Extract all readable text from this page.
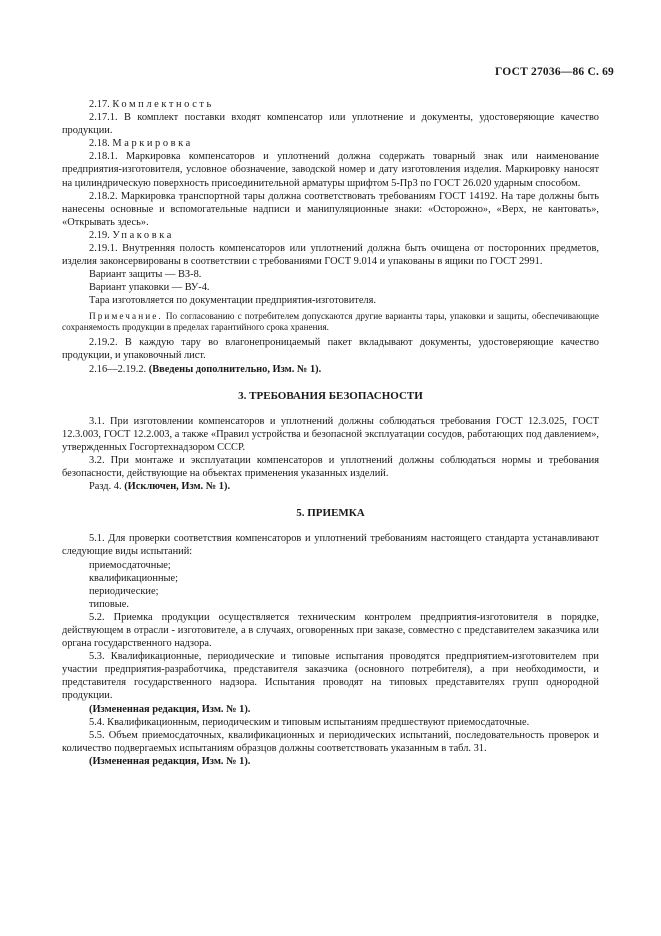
ГОСТ 27036—86 С. 69

2.17. Комплектность

2.17.1. В комплект поставки входят компенсатор или уплотнение и документы, удостоверяющие качество продукции.

2.18. Маркировка

2.18.1. Маркировка компенсаторов и уплотнений должна содержать товарный знак или наименование предприятия-изготовителя, условное обозначение, заводской номер и дату изготовления изделия. Маркировку наносят на цилиндрическую поверхность присоединительной арматуры шрифтом 5-Пр3 по ГОСТ 26.020 ударным способом.

2.18.2. Маркировка транспортной тары должна соответствовать требованиям ГОСТ 14192. На таре должны быть нанесены основные и вспомогательные надписи и манипуляционные знаки: «Осторожно», «Верх, не кантовать», «Открывать здесь».

2.19. Упаковка

2.19.1. Внутренняя полость компенсаторов или уплотнений должна быть очищена от посторонних предметов, изделия законсервированы в соответствии с требованиями ГОСТ 9.014 и упакованы в ящики по ГОСТ 2991.

Вариант защиты — ВЗ-8.

Вариант упаковки — ВУ-4.

Тара изготовляется по документации предприятия-изготовителя.

Примечание. По согласованию с потребителем допускаются другие варианты тары, упаковки и защиты, обеспечивающие сохраняемость продукции в пределах гарантийного срока хранения.

2.19.2. В каждую тару во влагонепроницаемый пакет вкладывают документы, удостоверяющие качество продукции, и упаковочный лист.

2.16—2.19.2. (Введены дополнительно, Изм. № 1).

3. ТРЕБОВАНИЯ БЕЗОПАСНОСТИ

3.1. При изготовлении компенсаторов и уплотнений должны соблюдаться требования ГОСТ 12.3.025, ГОСТ 12.3.003, ГОСТ 12.2.003, а также «Правил устройства и безопасной эксплуатации сосудов, работающих под давлением», утвержденных Госгортехнадзором СССР.

3.2. При монтаже и эксплуатации компенсаторов и уплотнений должны соблюдаться нормы и требования безопасности, действующие на объектах применения указанных изделий.

Разд. 4. (Исключен, Изм. № 1).

5. ПРИЕМКА

5.1. Для проверки соответствия компенсаторов и уплотнений требованиям настоящего стандарта устанавливают следующие виды испытаний:

приемосдаточные;

квалификационные;

периодические;

типовые.

5.2. Приемка продукции осуществляется техническим контролем предприятия-изготовителя в порядке, действующем в отрасли - изготовителе, а в случаях, оговоренных при заказе, совместно с представителем заказчика или органа государственного надзора.

5.3. Квалификационные, периодические и типовые испытания проводятся предприятием-изготовителем при участии предприятия-разработчика, представителя заказчика (основного потребителя), а при необходимости, и представителя государственного надзора. Испытания проводят на типовых представителях групп однородной продукции.

(Измененная редакция, Изм. № 1).

5.4. Квалификационным, периодическим и типовым испытаниям предшествуют приемосдаточные.

5.5. Объем приемосдаточных, квалификационных и периодических испытаний, последовательность проверок и количество подвергаемых испытаниям образцов должны соответствовать указанным в табл. 31.

(Измененная редакция, Изм. № 1).
